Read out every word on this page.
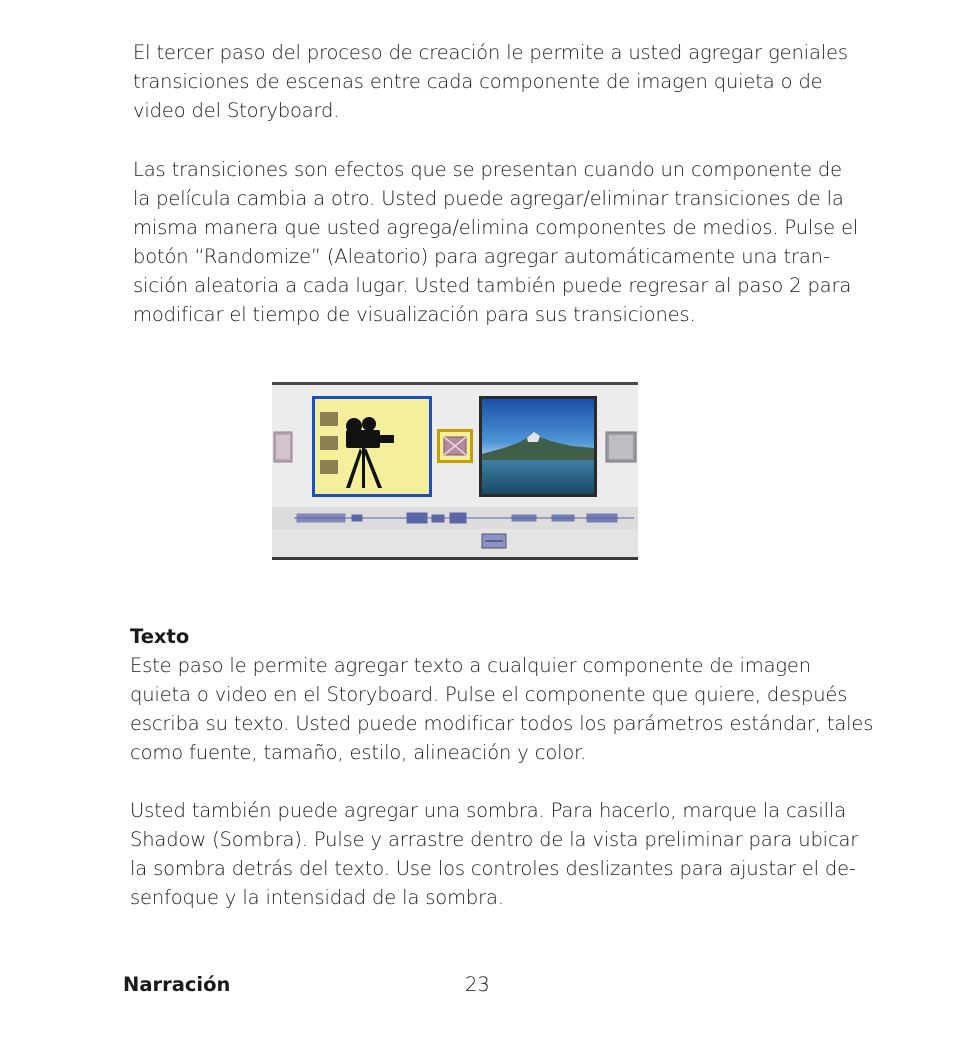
El tercer paso del proceso de creación le permite a usted agregar geniales
transiciones de escenas entre cada componente de imagen quieta o de
video del Storyboard.
Las transiciones son efectos que se presentan cuando un componente de
la película cambia a otro. Usted puede agregar/eliminar transiciones de la
misma manera que usted agrega/elimina componentes de medios. Pulse el
botón “Randomize” (Aleatorio) para agregar automáticamente una tran-
sición aleatoria a cada lugar. Usted también puede regresar al paso 2 para
modificar el tiempo de visualización para sus transiciones.
Texto
Este paso le permite agregar texto a cualquier componente de imagen
quieta o video en el Storyboard. Pulse el componente que quiere, después
escriba su texto. Usted puede modificar todos los parámetros estándar, tales
como fuente, tamaño, estilo, alineación y color.
Usted también puede agregar una sombra. Para hacerlo, marque la casilla
Shadow (Sombra). Pulse y arrastre dentro de la vista preliminar para ubicar
la sombra detrás del texto. Use los controles deslizantes para ajustar el de-
senfoque y la intensidad de la sombra.
Narración	23
